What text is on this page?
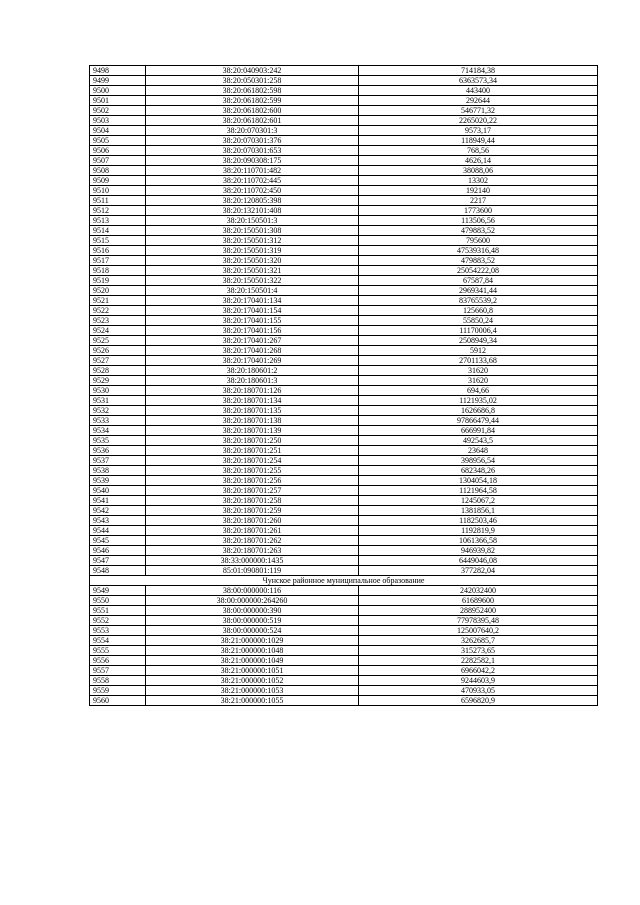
9498	38:20:040903:242	714184,38
9499	38:20:050301:258	6363573,34
9500	38:20:061802:598	443400
9501	38:20:061802:599	292644
9502	38:20:061802:600	546771,32
9503	38:20:061802:601	2265020,22
9504	38:20:070301:3	9573,17
9505	38:20:070301:376	118949,44
9506	38:20:070301:653	768,56
9507	38:20:090308:175	4626,14
9508	38:20:110701:482	38088,06
9509	38:20:110702:445	13302
9510	38:20:110702:450	192140
9511	38:20:120805:398	2217
9512	38:20:132101:408	1773600
9513	38:20:150501:3	113506,56
9514	38:20:150501:308	479883,52
9515	38:20:150501:312	795600
9516	38:20:150501:319	47539316,48
9517	38:20:150501:320	479883,52
9518	38:20:150501:321	25054222,08
9519	38:20:150501:322	67587,84
9520	38:20:150501:4	2969341,44
9521	38:20:170401:134	83765539,2
9522	38:20:170401:154	125660,8
9523	38:20:170401:155	55850,24
9524	38:20:170401:156	11170006,4
9525	38:20:170401:267	2508949,34
9526	38:20:170401:268	5912
9527	38:20:170401:269	2701133,68
9528	38:20:180601:2	31620
9529	38:20:180601:3	31620
9530	38:20:180701:126	694,66
9531	38:20:180701:134	1121935,02
9532	38:20:180701:135	1626686,8
9533	38:20:180701:138	97866479,44
9534	38:20:180701:139	666991,84
9535	38:20:180701:250	492543,5
9536	38:20:180701:251	23648
9537	38:20:180701:254	398956,54
9538	38:20:180701:255	682348,26
9539	38:20:180701:256	1304054,18
9540	38:20:180701:257	1121964,58
9541	38:20:180701:258	1245067,2
9542	38:20:180701:259	1381856,1
9543	38:20:180701:260	1182503,46
9544	38:20:180701:261	1192819,9
9545	38:20:180701:262	1061366,58
9546	38:20:180701:263	946939,82
9547	38:33:000000:1435	6449046,08
9548	85:01:090801:119	377282,04
Чунское районное муниципальное образование		
9549	38:00:000000:116	242032400
9550	38:00:000000:264260	61689600
9551	38:00:000000:390	288952400
9552	38:00:000000:519	77978395,48
9553	38:00:000000:524	125007640,2
9554	38:21:000000:1029	3262685,7
9555	38:21:000000:1048	315273,65
9556	38:21:000000:1049	2282582,1
9557	38:21:000000:1051	6966042,2
9558	38:21:000000:1052	9244603,9
9559	38:21:000000:1053	470933,05
9560	38:21:000000:1055	6596820,9
